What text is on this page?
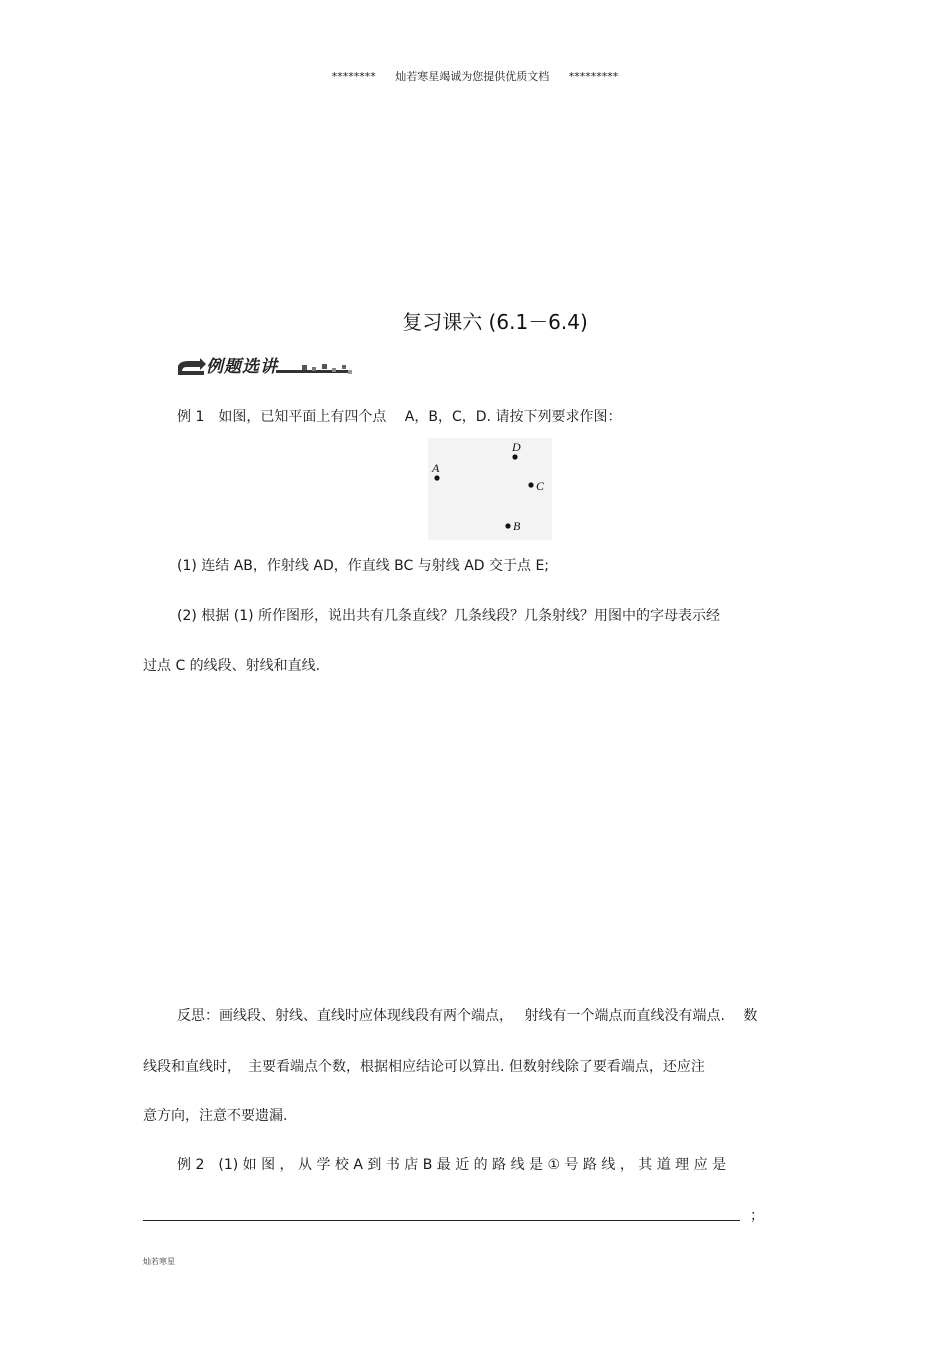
******** 灿若寒星竭诚为您提供优质文档 *********
复习课六 (6.1－6.4)
例题选讲
例 1　如图，已知平面上有四个点　 A，B，C，D. 请按下列要求作图：
D
A
C
B
(1) 连结 AB，作射线 AD，作直线 BC 与射线 AD 交于点 E;
(2) 根据 (1) 所作图形，说出共有几条直线？几条线段？几条射线？用图中的字母表示经
过点 C 的线段、射线和直线.
反思：画线段、射线、直线时应体现线段有两个端点，　 射线有一个端点而直线没有端点.　 数
线段和直线时，　主要看端点个数，根据相应结论可以算出. 但数射线除了要看端点，还应注
意方向，注意不要遗漏.
例 2　(1) 如 图 ， 从 学 校 A 到 书 店 B 最 近 的 路 线 是 ① 号 路 线 ， 其 道 理 应 是
；
灿若寒星
